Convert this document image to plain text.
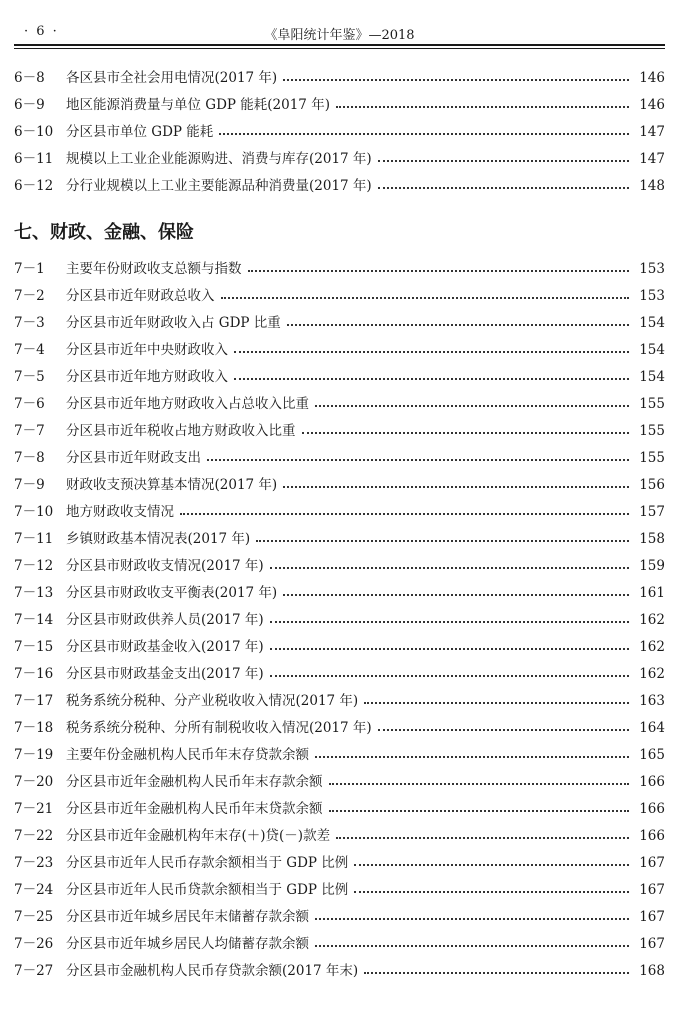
· 6 ·	《阜阳统计年鉴》—2018
6－8	各区县市全社会用电情况(2017 年)	146
6－9	地区能源消费量与单位 GDP 能耗(2017 年)	146
6－10 分区县市单位 GDP 能耗	147
6－11 规模以上工业企业能源购进、消费与库存(2017 年)	147
6－12 分行业规模以上工业主要能源品种消费量(2017 年)	148
七、财政、金融、保险
7－1	主要年份财政收支总额与指数	153
7－2	分区县市近年财政总收入	153
7－3	分区县市近年财政收入占 GDP 比重	154
7－4	分区县市近年中央财政收入	154
7－5	分区县市近年地方财政收入	154
7－6	分区县市近年地方财政收入占总收入比重	155
7－7	分区县市近年税收占地方财政收入比重	155
7－8	分区县市近年财政支出	155
7－9	财政收支预决算基本情况(2017 年)	156
7－10 地方财政收支情况	157
7－11 乡镇财政基本情况表(2017 年)	158
7－12 分区县市财政收支情况(2017 年)	159
7－13 分区县市财政收支平衡表(2017 年)	161
7－14 分区县市财政供养人员(2017 年)	162
7－15 分区县市财政基金收入(2017 年)	162
7－16 分区县市财政基金支出(2017 年)	162
7－17 税务系统分税种、分产业税收收入情况(2017 年)	163
7－18 税务系统分税种、分所有制税收收入情况(2017 年)	164
7－19 主要年份金融机构人民币年末存贷款余额	165
7－20 分区县市近年金融机构人民币年末存款余额	166
7－21 分区县市近年金融机构人民币年末贷款余额	166
7－22 分区县市近年金融机构年末存(＋)贷(－)款差	166
7－23 分区县市近年人民币存款余额相当于 GDP 比例	167
7－24 分区县市近年人民币贷款余额相当于 GDP 比例	167
7－25 分区县市近年城乡居民年末储蓄存款余额	167
7－26 分区县市近年城乡居民人均储蓄存款余额	167
7－27 分区县市金融机构人民币存贷款余额(2017 年末)	168
